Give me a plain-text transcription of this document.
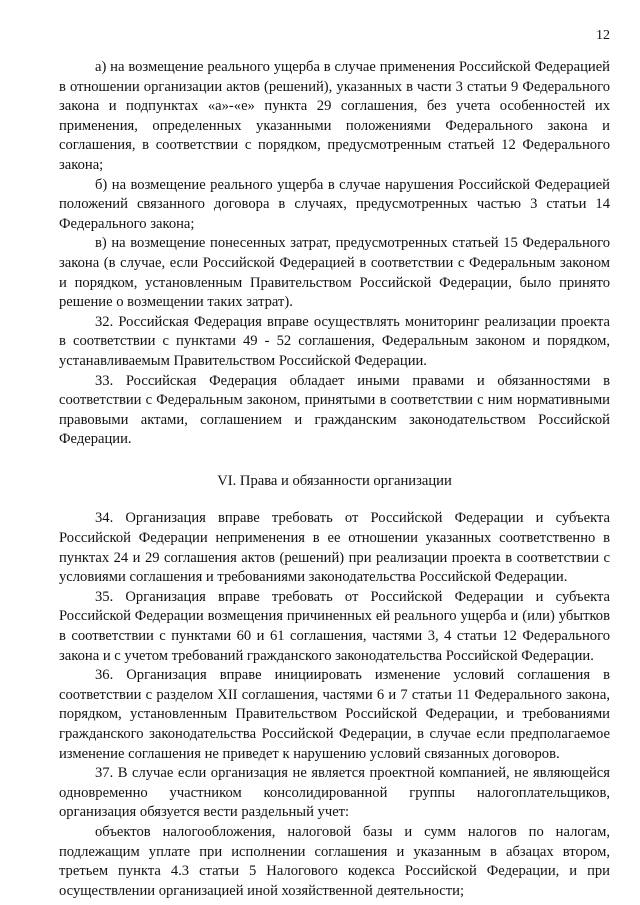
12

а) на возмещение реального ущерба в случае применения Российской Федерацией в отношении организации актов (решений), указанных в части 3 статьи 9 Федерального закона и подпунктах «а»-«е» пункта 29 соглашения, без учета особенностей их применения, определенных указанными положениями Федерального закона и соглашения, в соответствии с порядком, предусмотренным статьей 12 Федерального закона;

б) на возмещение реального ущерба в случае нарушения Российской Федерацией положений связанного договора в случаях, предусмотренных частью 3 статьи 14 Федерального закона;

в) на возмещение понесенных затрат, предусмотренных статьей 15 Федерального закона (в случае, если Российской Федерацией в соответствии с Федеральным законом и порядком, установленным Правительством Российской Федерации, было принято решение о возмещении таких затрат).

32. Российская Федерация вправе осуществлять мониторинг реализации проекта в соответствии с пунктами 49 - 52 соглашения, Федеральным законом и порядком, устанавливаемым Правительством Российской Федерации.

33. Российская Федерация обладает иными правами и обязанностями в соответствии с Федеральным законом, принятыми в соответствии с ним нормативными правовыми актами, соглашением и гражданским законодательством Российской Федерации.

VI. Права и обязанности организации

34. Организация вправе требовать от Российской Федерации и субъекта Российской Федерации неприменения в ее отношении указанных соответственно в пунктах 24 и 29 соглашения актов (решений) при реализации проекта в соответствии с условиями соглашения и требованиями законодательства Российской Федерации.

35. Организация вправе требовать от Российской Федерации и субъекта Российской Федерации возмещения причиненных ей реального ущерба и (или) убытков в соответствии с пунктами 60 и 61 соглашения, частями 3, 4 статьи 12 Федерального закона и с учетом требований гражданского законодательства Российской Федерации.

36. Организация вправе инициировать изменение условий соглашения в соответствии с разделом XII соглашения, частями 6 и 7 статьи 11 Федерального закона, порядком, установленным Правительством Российской Федерации, и требованиями гражданского законодательства Российской Федерации, в случае если предполагаемое изменение соглашения не приведет к нарушению условий связанных договоров.

37. В случае если организация не является проектной компанией, не являющейся одновременно участником консолидированной группы налогоплательщиков, организация обязуется вести раздельный учет:

объектов налогообложения, налоговой базы и сумм налогов по налогам, подлежащим уплате при исполнении соглашения и указанным в абзацах втором, третьем пункта 4.3 статьи 5 Налогового кодекса Российской Федерации, и при осуществлении организацией иной хозяйственной деятельности;
